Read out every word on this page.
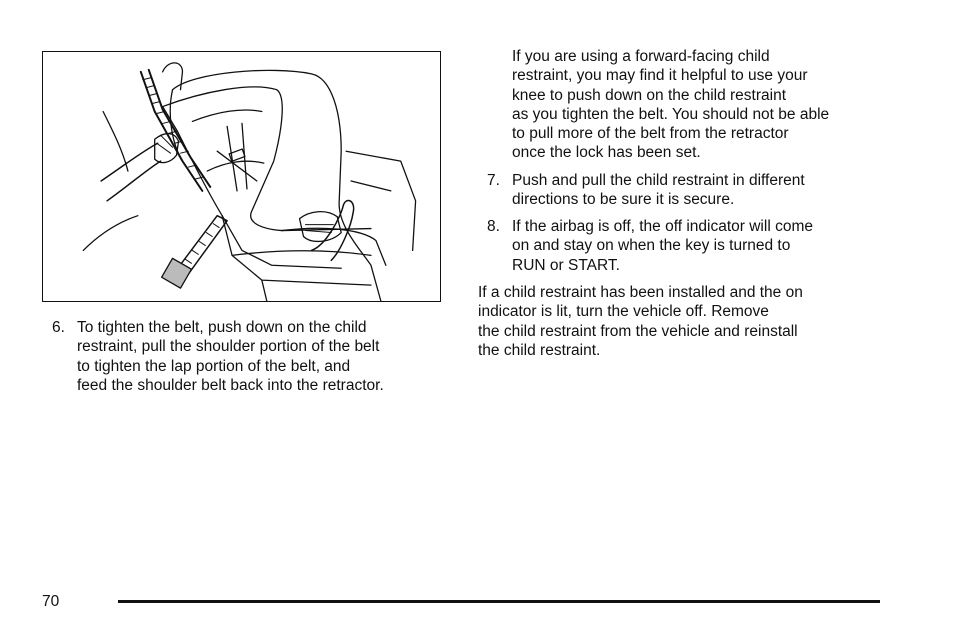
6. To tighten the belt, push down on the child
restraint, pull the shoulder portion of the belt
to tighten the lap portion of the belt, and
feed the shoulder belt back into the retractor.
If you are using a forward-facing child
restraint, you may find it helpful to use your
knee to push down on the child restraint
as you tighten the belt. You should not be able
to pull more of the belt from the retractor
once the lock has been set.
7. Push and pull the child restraint in different
directions to be sure it is secure.
8. If the airbag is off, the off indicator will come
on and stay on when the key is turned to
RUN or START.
If a child restraint has been installed and the on
indicator is lit, turn the vehicle off. Remove
the child restraint from the vehicle and reinstall
the child restraint.
70
